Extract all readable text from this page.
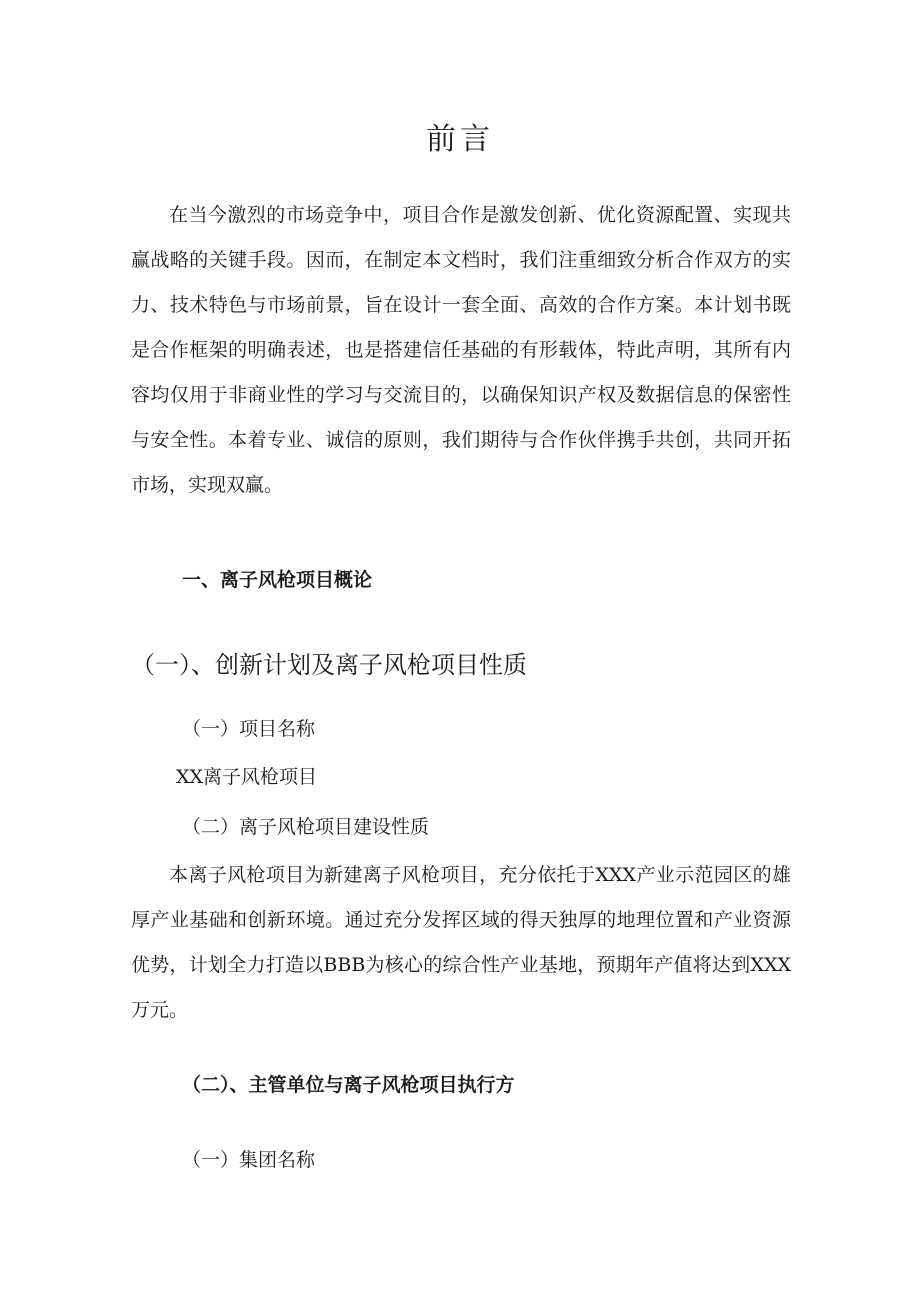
前言

在当今激烈的市场竞争中，项目合作是激发创新、优化资源配置、实现共赢战略的关键手段。因而，在制定本文档时，我们注重细致分析合作双方的实力、技术特色与市场前景，旨在设计一套全面、高效的合作方案。本计划书既是合作框架的明确表述，也是搭建信任基础的有形载体，特此声明，其所有内容均仅用于非商业性的学习与交流目的，以确保知识产权及数据信息的保密性与安全性。本着专业、诚信的原则，我们期待与合作伙伴携手共创，共同开拓市场，实现双赢。

一、离子风枪项目概论
（一）、创新计划及离子风枪项目性质
（一）项目名称
XX离子风枪项目
（二）离子风枪项目建设性质

本离子风枪项目为新建离子风枪项目，充分依托于XXX产业示范园区的雄厚产业基础和创新环境。通过充分发挥区域的得天独厚的地理位置和产业资源优势，计划全力打造以BBB为核心的综合性产业基地，预期年产值将达到XXX万元。

（二）、主管单位与离子风枪项目执行方
（一）集团名称
